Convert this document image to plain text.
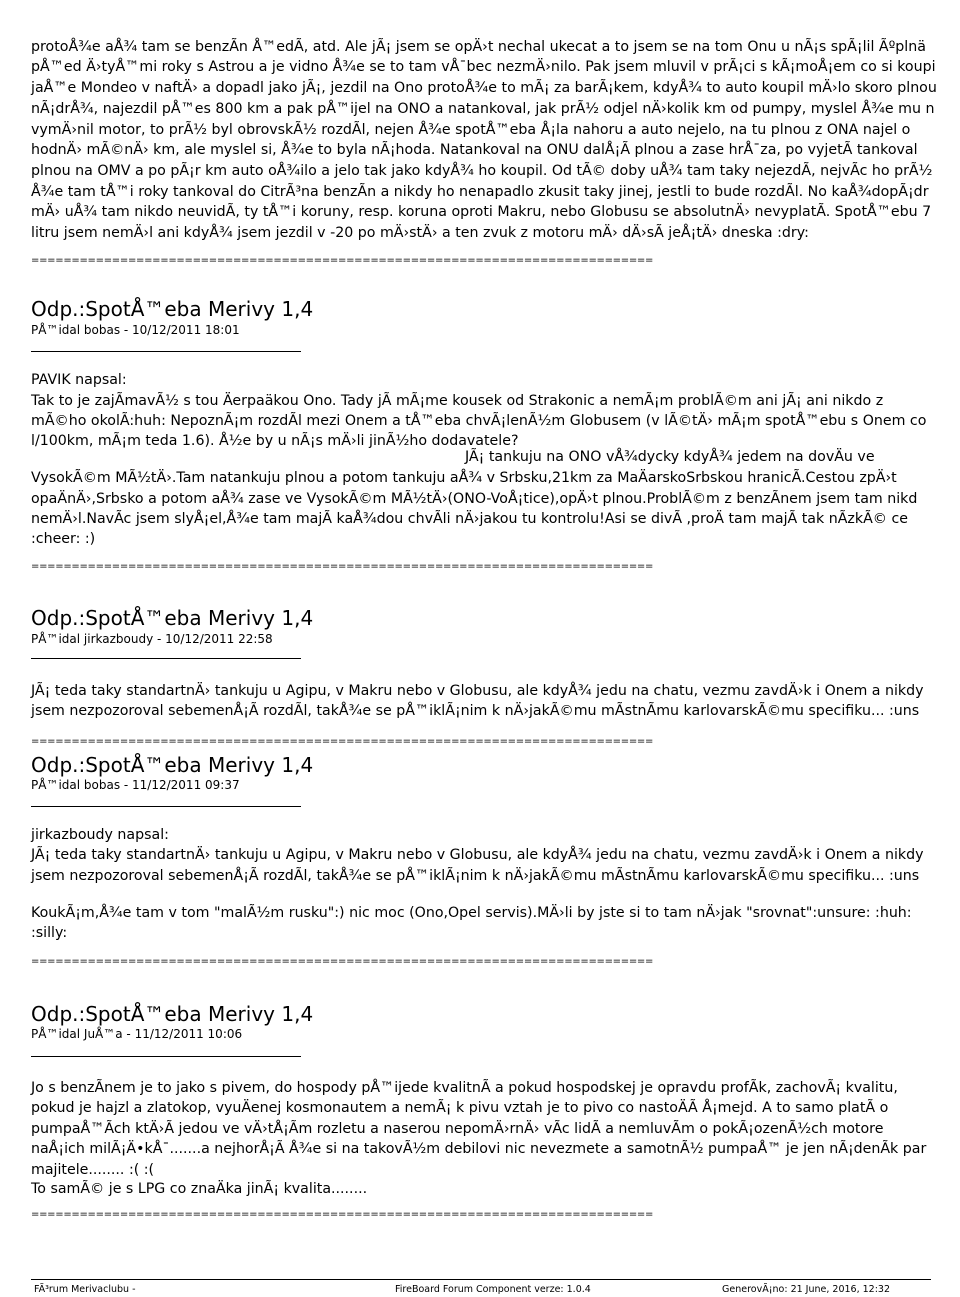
protoÅ¾e aÅ¾ tam se benzÃn Å™edÃ, atd. Ale jÃ¡ jsem se opÄ›t nechal ukecat a to jsem se na tom Onu u nÃ¡s spÃ¡lil Ãºplnä
pÅ™ed Ä›tyÅ™mi roky s Astrou a je vidno Å¾e se to tam vÅ¯bec nezmÄ›nilo. Pak jsem mluvil v prÃ¡ci s kÃ¡moÅ¡em co si koupi
jaÅ™e Mondeo v naftÄ› a dopadl jako jÃ¡, jezdil na Ono protoÅ¾e to mÃ¡ za barÃ¡kem, kdyÅ¾ to auto koupil mÄ›lo skoro plnou
nÃ¡drÅ¾, najezdil pÅ™es 800 km a pak pÅ™ijel na ONO a natankoval, jak prÃ½ odjel nÄ›kolik km od pumpy, myslel Å¾e mu n
vymÄ›nil motor, to prÃ½ byl obrovskÃ½ rozdÃl, nejen Å¾e spotÅ™eba Å¡la nahoru a auto nejelo, na tu plnou z ONA najel o
hodnÄ› mÃ©nÄ› km, ale myslel si, Å¾e to byla nÃ¡hoda. Natankoval na ONU dalÅ¡Ã plnou a zase hrÅ¯za, po vyjetÃ tankoval
plnou na OMV a po pÃ¡r km auto oÅ¾ilo a jelo tak jako kdyÅ¾ ho koupil. Od tÃ© doby uÅ¾ tam taky nejezdÃ, nejvÃc ho prÃ½
Å¾e tam tÅ™i roky tankoval do CitrÃ³na benzÃn a nikdy ho nenapadlo zkusit taky jinej, jestli to bude rozdÃl. No kaÅ¾dopÃ¡dr
mÄ› uÅ¾ tam nikdo neuvidÃ, ty tÅ™i koruny, resp. koruna oproti Makru, nebo Globusu se absolutnÄ› nevyplatÃ. SpotÅ™ebu 7
litru jsem nemÄ›l ani kdyÅ¾ jsem jezdil v -20 po mÄ›stÄ› a ten zvuk z motoru mÄ› dÄ›sÃ jeÅ¡tÄ› dneska :dry:
=============================================================================
Odp.:SpotÅ™eba Merivy 1,4
PÅ™idal bobas - 10/12/2011 18:01
PAVIK napsal:
Tak to je zajÃmavÃ½ s tou Äerpaäkou Ono. Tady jÃ mÃ¡me kousek od Strakonic a nemÃ¡m problÃ©m ani jÃ¡ ani nikdo z
mÃ©ho okolÃ:huh: NepoznÃ¡m rozdÃl mezi Onem a tÅ™eba chvÃ¡lenÃ½m Globusem (v lÃ©tÄ› mÃ¡m spotÅ™ebu s Onem co
l/100km, mÃ¡m teda 1.6). Å½e by u nÃ¡s mÄ›li jinÃ½ho dodavatele?
JÃ¡ tankuju na ONO vÅ¾dycky kdyÅ¾ jedem na dovÄu ve
VysokÃ©m MÃ½tÄ›.Tam natankuju plnou a potom tankuju aÅ¾ v Srbsku,21km za MaÄarskoSrbskou hranicÃ.Cestou zpÄ›t
opaÄnÄ›,Srbsko a potom aÅ¾ zase ve VysokÃ©m MÃ½tÄ›(ONO-VoÅ¡tice),opÄ›t plnou.ProblÃ©m z benzÃnem jsem tam nikd
nemÄ›l.NavÃc jsem slyÅ¡el,Å¾e tam majÃ kaÅ¾dou chvÃli nÄ›jakou tu kontrolu!Asi se divÃ ,proÄ tam majÃ tak nÃzkÃ© ce
:cheer: :)
=============================================================================
Odp.:SpotÅ™eba Merivy 1,4
PÅ™idal jirkazboudy - 10/12/2011 22:58
JÃ¡ teda taky standartnÄ› tankuju u Agipu, v Makru nebo v Globusu, ale kdyÅ¾ jedu na chatu, vezmu zavdÄ›k i Onem a nikdy
jsem nezpozoroval sebemenÅ¡Ã rozdÃl, takÅ¾e se pÅ™iklÃ¡nim k nÄ›jakÃ©mu mÃstnÃmu karlovarskÃ©mu specifiku... :uns
=============================================================================
Odp.:SpotÅ™eba Merivy 1,4
PÅ™idal bobas - 11/12/2011 09:37
jirkazboudy napsal:
JÃ¡ teda taky standartnÄ› tankuju u Agipu, v Makru nebo v Globusu, ale kdyÅ¾ jedu na chatu, vezmu zavdÄ›k i Onem a nikdy
jsem nezpozoroval sebemenÅ¡Ã rozdÃl, takÅ¾e se pÅ™iklÃ¡nim k nÄ›jakÃ©mu mÃstnÃmu karlovarskÃ©mu specifiku... :uns
KoukÃ¡m,Å¾e tam v tom "malÃ½m rusku":) nic moc (Ono,Opel servis).MÄ›li by jste si to tam nÄ›jak "srovnat":unsure: :huh:
:silly:
=============================================================================
Odp.:SpotÅ™eba Merivy 1,4
PÅ™idal JuÅ™a - 11/12/2011 10:06
Jo s benzÃnem je to jako s pivem, do hospody pÅ™ijede kvalitnÃ a pokud hospodskej je opravdu profÃk, zachovÃ¡ kvalitu,
pokud je hajzl a zlatokop, vyuÄenej kosmonautem a nemÃ¡ k pivu vztah je to pivo co nastoÄÃ Å¡mejd. A to samo platÃ o
pumpaÅ™Ãch ktÄ›Ã jedou ve vÄ›tÅ¡Ãm rozletu a naserou nepomÄ›rnÄ› vÃc lidÃ a nemluvÃm o pokÃ¡ozenÃ½ch motore
naÅ¡ich milÃ¡Ä•kÅ¯.......a nejhorÅ¡Ã Å¾e si na takovÃ½m debilovi nic nevezmete a samotnÃ½ pumpaÅ™ je jen nÃ¡denÃk par
majitele........ :( :(
To samÃ© je s LPG co znaÄka jinÃ¡ kvalita........
=============================================================================
FÃ³rum Merivaclubu -	FireBoard Forum Component verze: 1.0.4	GenerovÃ¡no: 21 June, 2016, 12:32
